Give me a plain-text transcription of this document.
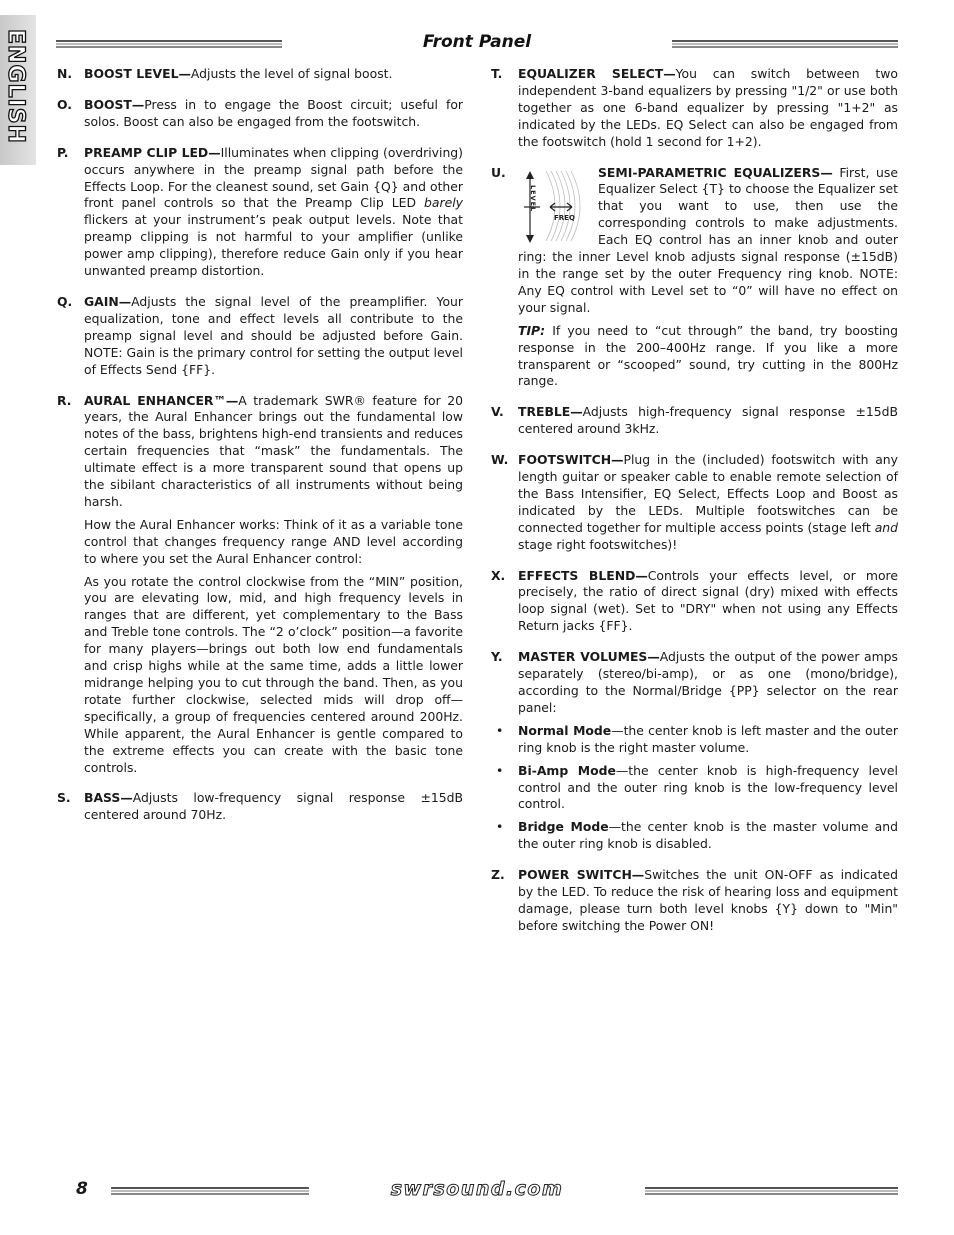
ENGLISH	Front Panel
N. BOOST LEVEL—Adjusts the level of signal boost.

O. BOOST—Press in to engage the Boost circuit; useful for solos. Boost can also be engaged from the footswitch.

P. PREAMP CLIP LED—Illuminates when clipping (overdriving) occurs anywhere in the preamp signal path before the Effects Loop. For the cleanest sound, set Gain {Q} and other front panel controls so that the Preamp Clip LED barely flickers at your instrument’s peak output levels. Note that preamp clipping is not harmful to your amplifier (unlike power amp clipping), therefore reduce Gain only if you hear unwanted preamp distortion.

Q. GAIN—Adjusts the signal level of the preamplifier. Your equalization, tone and effect levels all contribute to the preamp signal level and should be adjusted before Gain. NOTE: Gain is the primary control for setting the output level of Effects Send {FF}.

R. AURAL ENHANCER™—A trademark SWR® feature for 20 years, the Aural Enhancer brings out the fundamental low notes of the bass, brightens high-end transients and reduces certain frequencies that “mask” the fundamentals. The ultimate effect is a more transparent sound that opens up the sibilant characteristics of all instruments without being harsh.

How the Aural Enhancer works: Think of it as a variable tone control that changes frequency range AND level according to where you set the Aural Enhancer control:

As you rotate the control clockwise from the “MIN” position, you are elevating low, mid, and high frequency levels in ranges that are different, yet complementary to the Bass and Treble tone controls. The “2 o’clock” position—a favorite for many players—brings out both low end fundamentals and crisp highs while at the same time, adds a little lower midrange helping you to cut through the band. Then, as you rotate further clockwise, selected mids will drop off—specifically, a group of frequencies centered around 200Hz. While apparent, the Aural Enhancer is gentle compared to the extreme effects you can create with the basic tone controls.

S. BASS—Adjusts low-frequency signal response ±15dB centered around 70Hz.

T. EQUALIZER SELECT—You can switch between two independent 3-band equalizers by pressing "1/2" or use both together as one 6-band equalizer by pressing "1+2" as indicated by the LEDs. EQ Select can also be engaged from the footswitch (hold 1 second for 1+2).

U.	SEMI-PARAMETRIC EQUALIZERS—
LEVEL
FREQ
First, use Equalizer Select {T} to choose the Equalizer set that you want to use, then use the corresponding controls to make adjustments. Each EQ control has an inner knob and outer ring: the inner Level knob adjusts signal response (±15dB) in the range set by the outer Frequency ring knob. NOTE: Any EQ control with Level set to “0” will have no effect on your signal.

TIP: If you need to “cut through” the band, try boosting response in the 200–400Hz range. If you like a more transparent or “scooped” sound, try cutting in the 800Hz range.

V. TREBLE—Adjusts high-frequency signal response ±15dB centered around 3kHz.

W. FOOTSWITCH—Plug in the (included) footswitch with any length guitar or speaker cable to enable remote selection of the Bass Intensifier, EQ Select, Effects Loop and Boost as indicated by the LEDs. Multiple footswitches can be connected together for multiple access points (stage left and stage right footswitches)!

X. EFFECTS BLEND—Controls your effects level, or more precisely, the ratio of direct signal (dry) mixed with effects loop signal (wet). Set to "DRY" when not using any Effects Return jacks {FF}.

Y. MASTER VOLUMES—Adjusts the output of the power amps separately (stereo/bi-amp), or as one (mono/bridge), according to the Normal/Bridge {PP} selector on the rear panel:

• Normal Mode—the center knob is left master and the outer ring knob is the right master volume.
• Bi-Amp Mode—the center knob is high-frequency level control and the outer ring knob is the low-frequency level control.
• Bridge Mode—the center knob is the master volume and the outer ring knob is disabled.
Z. POWER SWITCH—Switches the unit ON-OFF as indicated by the LED. To reduce the risk of hearing loss and equipment damage, please turn both level knobs {Y} down to "Min" before switching the Power ON!

8	swrsound.com
